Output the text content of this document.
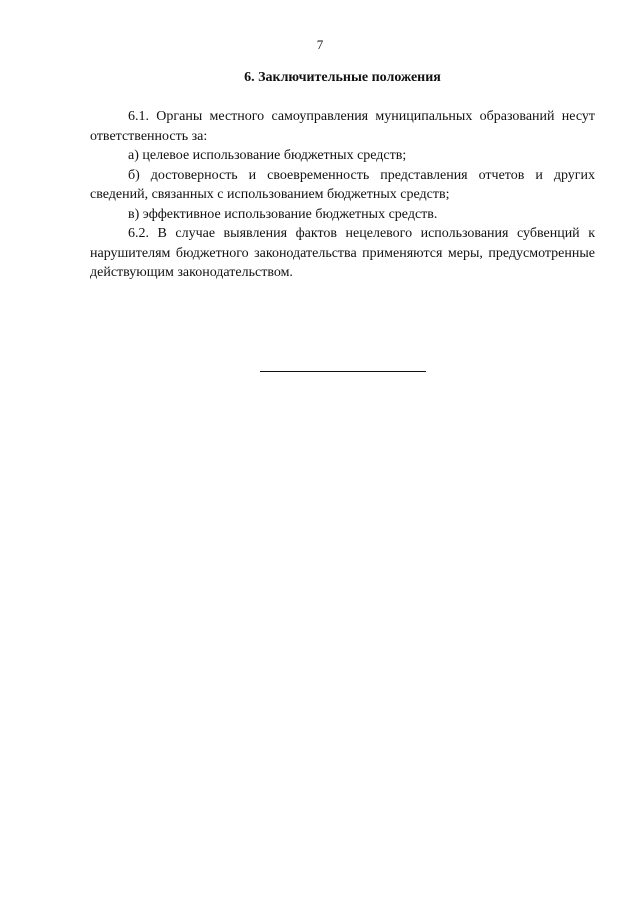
7
6. Заключительные положения

6.1. Органы местного самоуправления муниципальных образований несут ответственность за:

а) целевое использование бюджетных средств;

б) достоверность и своевременность представления отчетов и других сведений, связанных с использованием бюджетных средств;

в) эффективное использование бюджетных средств.

6.2. В случае выявления фактов нецелевого использования субвенций к нарушителям бюджетного законодательства применяются меры, предусмотренные действующим законодательством.
